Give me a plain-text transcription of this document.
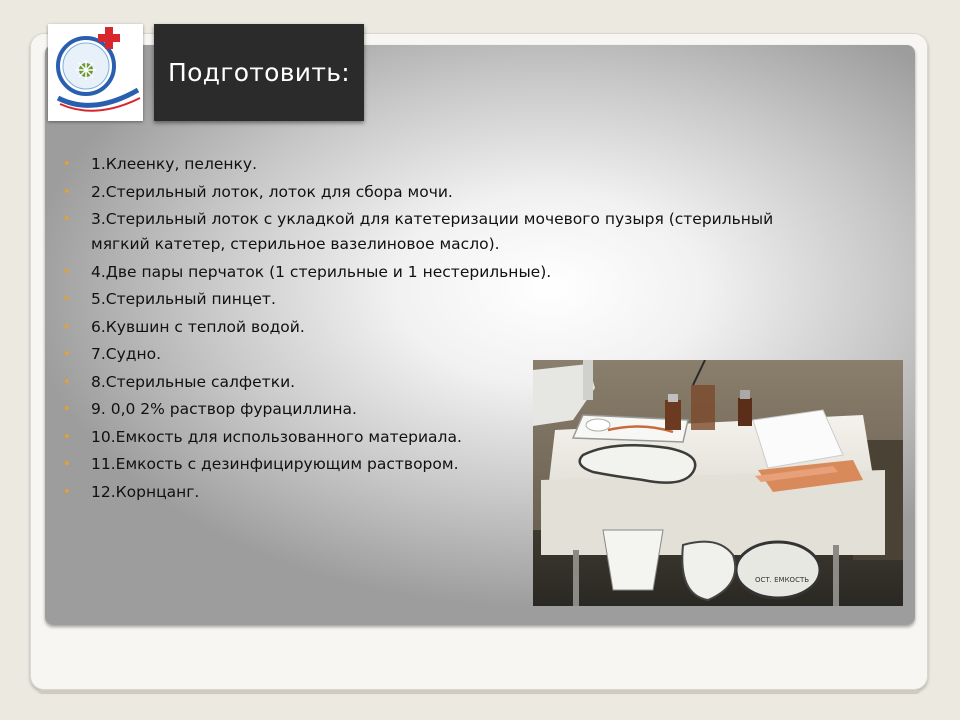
Подготовить:
• 1.Клеенку, пеленку.
• 2.Стерильный лоток, лоток для сбора мочи.
• 3.Стерильный лоток с укладкой для катетеризации мочевого пузыря (стерильный мягкий катетер, стерильное вазелиновое масло).
• 4.Две пары перчаток (1 стерильные и 1 нестерильные).
• 5.Стерильный пинцет.
• 6.Кувшин с теплой водой.
• 7.Судно.
• 8.Стерильные салфетки.
• 9. 0,0 2% раствор фурациллина.
• 10.Емкость для использованного материала.
• 11.Емкость с дезинфицирующим раствором.
• 12.Корнцанг.
ОСТ. ЕМКОСТЬ
